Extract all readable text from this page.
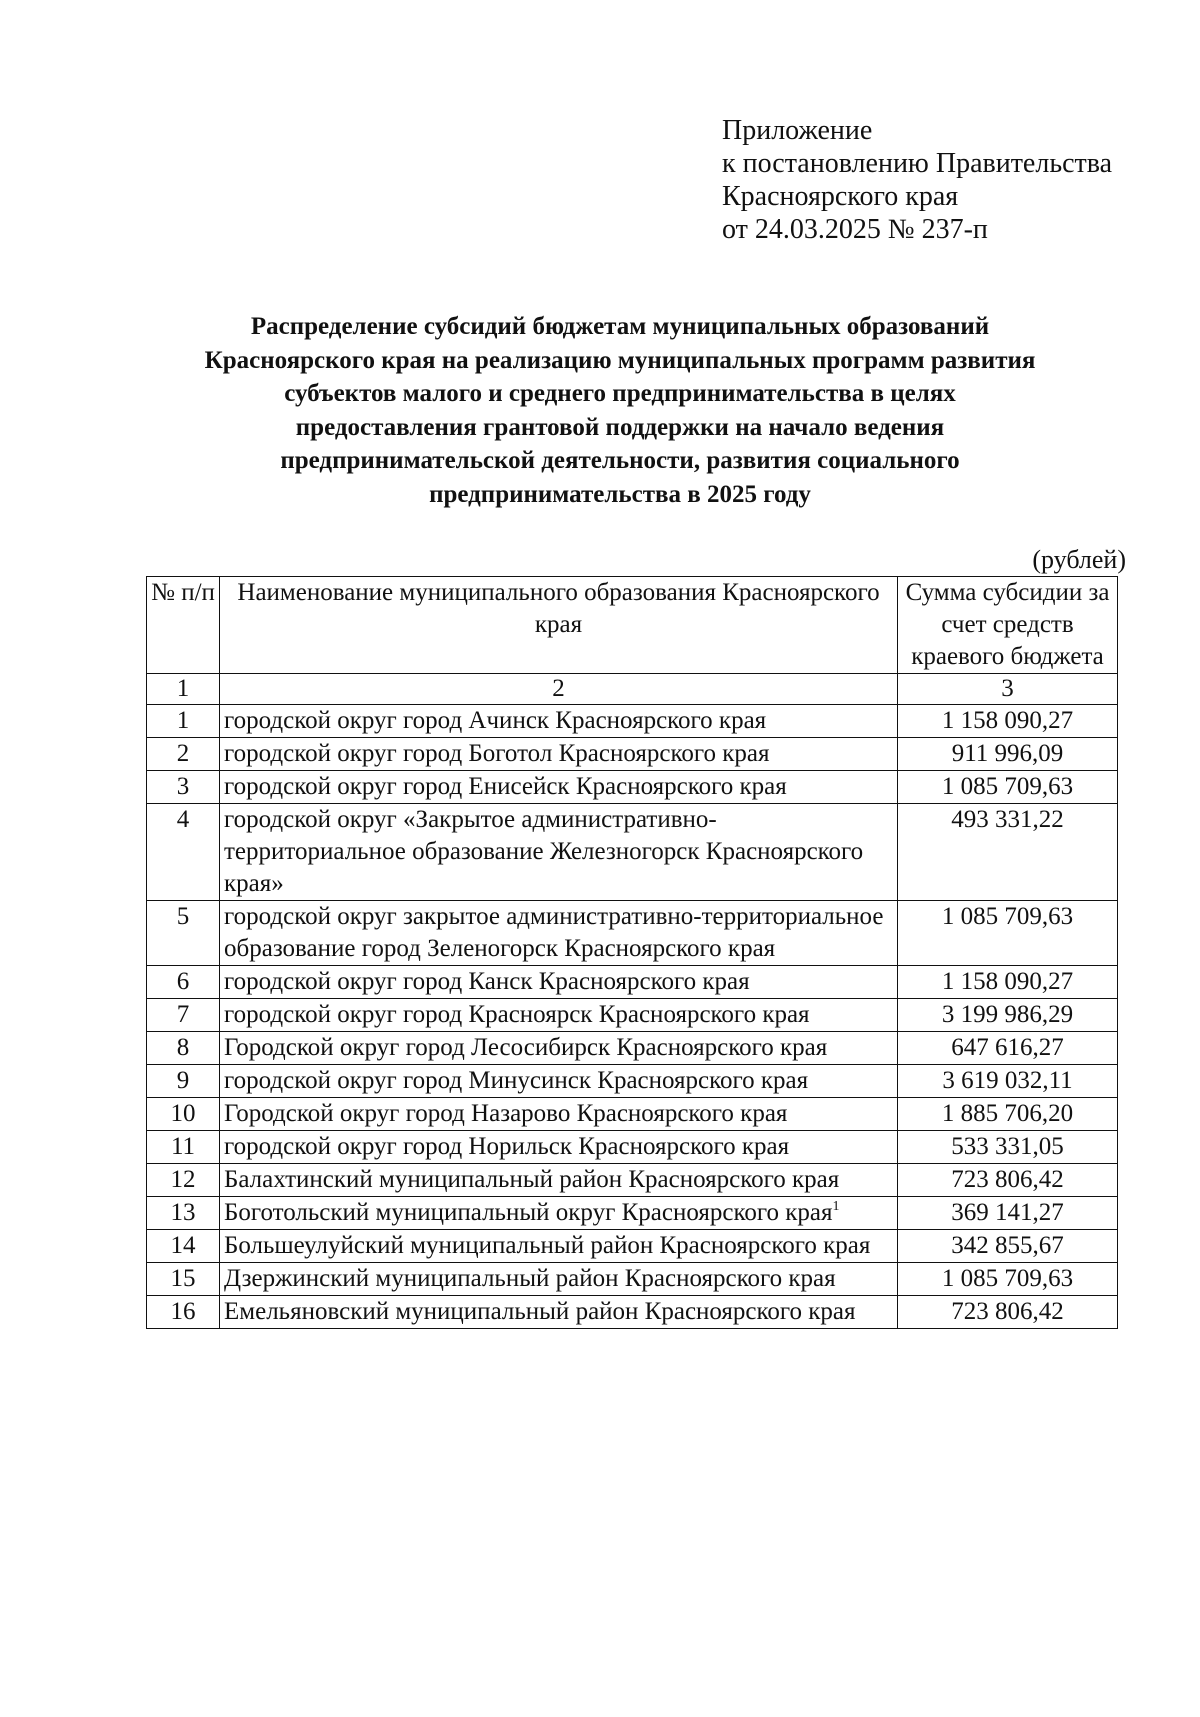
Приложение
к постановлению Правительства
Красноярского края
от 24.03.2025 № 237-п
Распределение субсидий бюджетам муниципальных образований
Красноярского края на реализацию муниципальных программ развития
субъектов малого и среднего предпринимательства в целях
предоставления грантовой поддержки на начало ведения
предпринимательской деятельности, развития социального
предпринимательства в 2025 году
(рублей)
№ п/п	Наименование муниципального образования Красноярского края	Сумма субсидии за счет средств краевого бюджета
1	2	3
1	городской округ город Ачинск Красноярского края	1 158 090,27
2	городской округ город Боготол Красноярского края	911 996,09
3	городской округ город Енисейск Красноярского края	1 085 709,63
4	городской округ «Закрытое административно-территориальное образование Железногорск Красноярского края»	493 331,22
5	городской округ закрытое административно-территориальное образование город Зеленогорск Красноярского края	1 085 709,63
6	городской округ город Канск Красноярского края	1 158 090,27
7	городской округ город Красноярск Красноярского края	3 199 986,29
8	Городской округ город Лесосибирск Красноярского края	647 616,27
9	городской округ город Минусинск Красноярского края	3 619 032,11
10	Городской округ город Назарово Красноярского края	1 885 706,20
11	городской округ город Норильск Красноярского края	533 331,05
12	Балахтинский муниципальный район Красноярского края	723 806,42
13	Боготольский муниципальный округ Красноярского края$^1$	369 141,27
14	Большеулуйский муниципальный район Красноярского края	342 855,67
15	Дзержинский муниципальный район Красноярского края	1 085 709,63
16	Емельяновский муниципальный район Красноярского края	723 806,42
